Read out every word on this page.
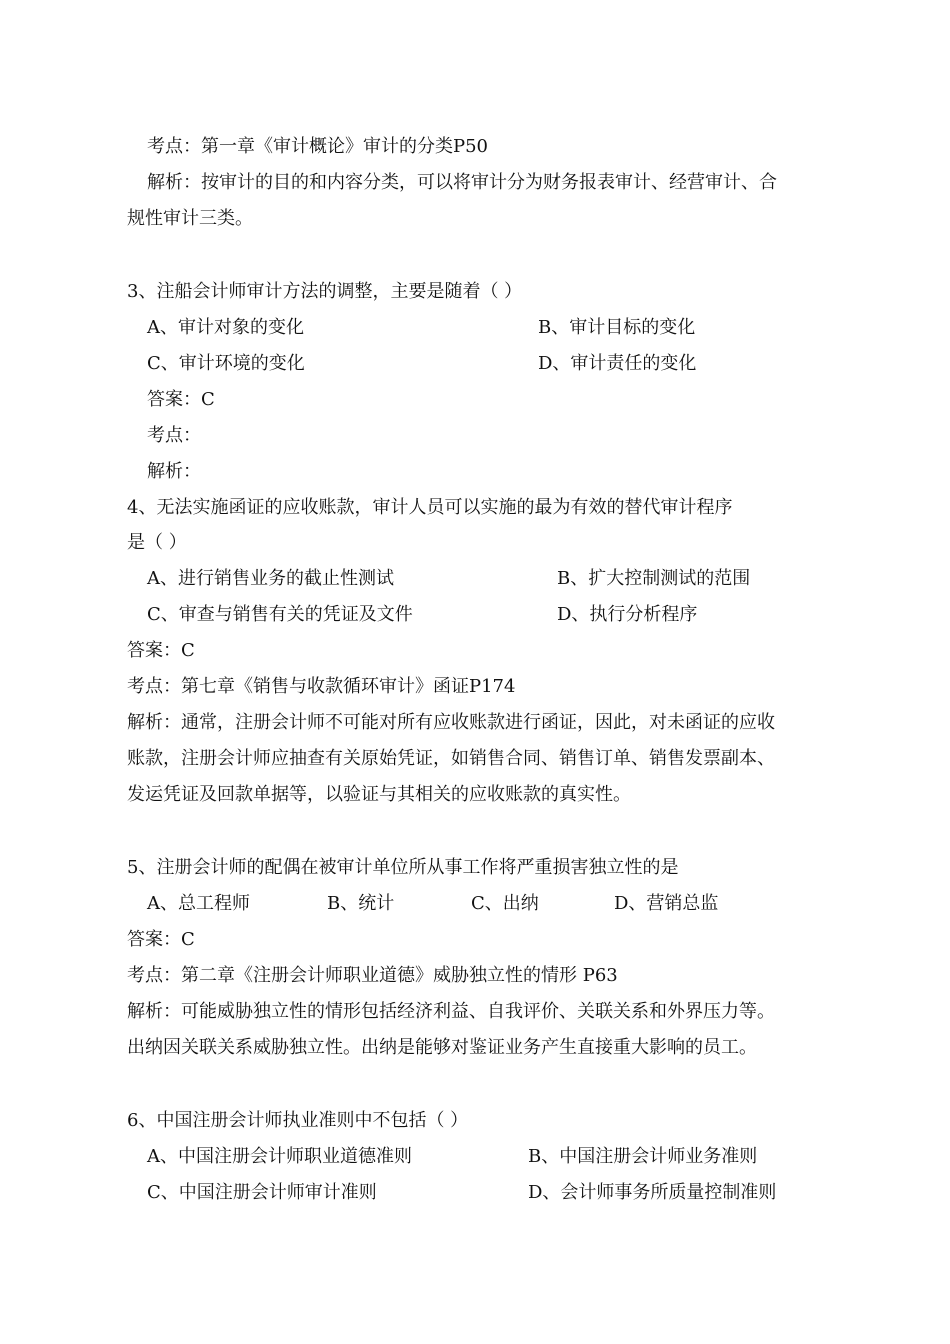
考点：第一章《审计概论》审计的分类P50
解析：按审计的目的和内容分类，可以将审计分为财务报表审计、经营审计、合
规性审计三类。
3、注船会计师审计方法的调整，主要是随着（ ）
A、审计对象的变化	B、审计目标的变化
C、审计环境的变化	D、审计责任的变化
答案：C
考点：
解析：
4、无法实施函证的应收账款，审计人员可以实施的最为有效的替代审计程序
是（ ）
A、进行销售业务的截止性测试	B、扩大控制测试的范围
C、审查与销售有关的凭证及文件	D、执行分析程序
答案：C
考点：第七章《销售与收款循环审计》函证P174
解析：通常，注册会计师不可能对所有应收账款进行函证，因此，对未函证的应收
账款，注册会计师应抽查有关原始凭证，如销售合同、销售订单、销售发票副本、
发运凭证及回款单据等，以验证与其相关的应收账款的真实性。
5、注册会计师的配偶在被审计单位所从事工作将严重损害独立性的是
A、总工程师	B、统计	C、出纳	D、营销总监
答案：C
考点：第二章《注册会计师职业道德》威胁独立性的情形 P63
解析：可能威胁独立性的情形包括经济利益、自我评价、关联关系和外界压力等。
出纳因关联关系威胁独立性。出纳是能够对鉴证业务产生直接重大影响的员工。
6、中国注册会计师执业准则中不包括（ ）
A、中国注册会计师职业道德准则	B、中国注册会计师业务准则
C、中国注册会计师审计准则	D、会计师事务所质量控制准则
